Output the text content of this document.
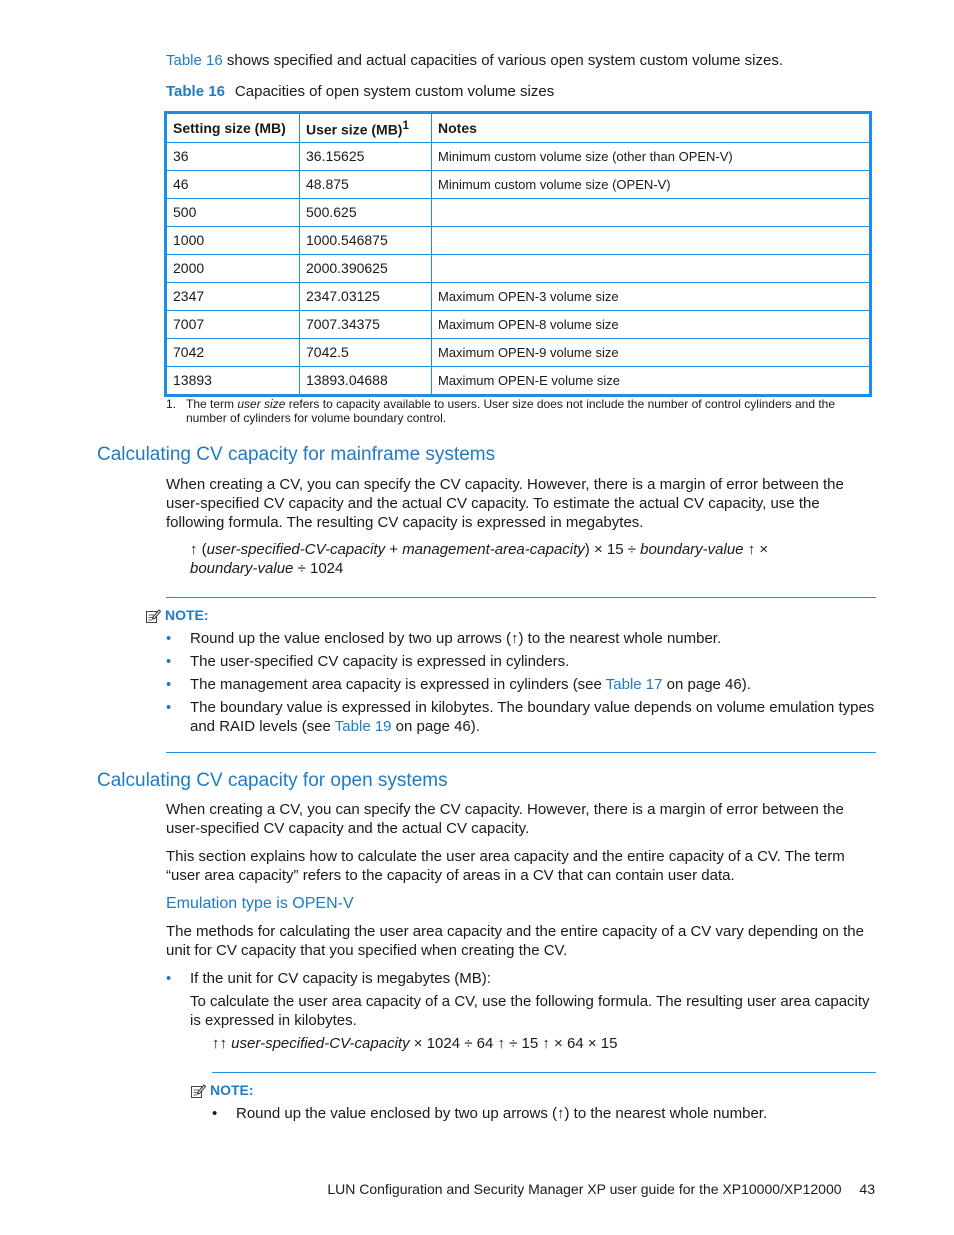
Table 16 shows specified and actual capacities of various open system custom volume sizes.
Table 16 Capacities of open system custom volume sizes
Setting size (MB)	User size (MB)$^1$	Notes
36	36.15625	Minimum custom volume size (other than OPEN-V)
46	48.875	Minimum custom volume size (OPEN-V)
500	500.625	
1000	1000.546875	
2000	2000.390625	
2347	2347.03125	Maximum OPEN-3 volume size
7007	7007.34375	Maximum OPEN-8 volume size
7042	7042.5	Maximum OPEN-9 volume size
13893	13893.04688	Maximum OPEN-E volume size
1. The term user size refers to capacity available to users. User size does not include the number of control cylinders and the number of cylinders for volume boundary control.
Calculating CV capacity for mainframe systems
When creating a CV, you can specify the CV capacity. However, there is a margin of error between the user-specified CV capacity and the actual CV capacity. To estimate the actual CV capacity, use the following formula. The resulting CV capacity is expressed in megabytes.
↑ (user-specified-CV-capacity + management-area-capacity) × 15 ÷ boundary-value ↑ ×
boundary-value ÷ 1024
NOTE:
• Round up the value enclosed by two up arrows (↑) to the nearest whole number.
• The user-specified CV capacity is expressed in cylinders.
• The management area capacity is expressed in cylinders (see Table 17 on page 46).
• The boundary value is expressed in kilobytes. The boundary value depends on volume emulation types and RAID levels (see Table 19 on page 46).
Calculating CV capacity for open systems
When creating a CV, you can specify the CV capacity. However, there is a margin of error between the user-specified CV capacity and the actual CV capacity.
This section explains how to calculate the user area capacity and the entire capacity of a CV. The term “user area capacity” refers to the capacity of areas in a CV that can contain user data.
Emulation type is OPEN-V
The methods for calculating the user area capacity and the entire capacity of a CV vary depending on the unit for CV capacity that you specified when creating the CV.
• If the unit for CV capacity is megabytes (MB):
To calculate the user area capacity of a CV, use the following formula. The resulting user area capacity is expressed in kilobytes.
↑↑ user-specified-CV-capacity × 1024 ÷ 64 ↑ ÷ 15 ↑ × 64 × 15
NOTE:
• Round up the value enclosed by two up arrows (↑) to the nearest whole number.
LUN Configuration and Security Manager XP user guide for the XP10000/XP12000 43
